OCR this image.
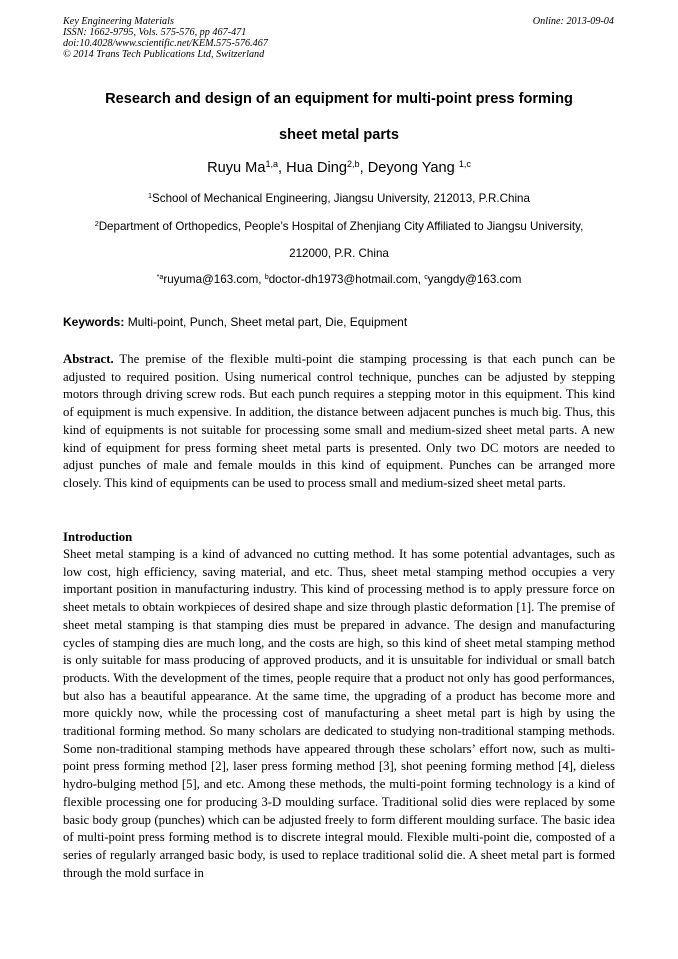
Key Engineering Materials
ISSN: 1662-9795, Vols. 575-576, pp 467-471
doi:10.4028/www.scientific.net/KEM.575-576.467
© 2014 Trans Tech Publications Ltd, Switzerland
Online: 2013-09-04
Research and design of an equipment for multi-point press forming
sheet metal parts
Ruyu Ma$^{1,a}$, Hua Ding$^{2,b}$, Deyong Yang $^{1,c}$
$^1$School of Mechanical Engineering, Jiangsu University, 212013, P.R.China
$^2$Department of Orthopedics, People’s Hospital of Zhenjiang City Affiliated to Jiangsu University,
212000, P.R. China
$^{*a}$ruyuma@163.com, $^b$doctor-dh1973@hotmail.com, $^c$yangdy@163.com
Keywords: Multi-point, Punch, Sheet metal part, Die, Equipment
Abstract. The premise of the flexible multi-point die stamping processing is that each punch can be adjusted to required position. Using numerical control technique, punches can be adjusted by stepping motors through driving screw rods. But each punch requires a stepping motor in this equipment. This kind of equipment is much expensive. In addition, the distance between adjacent punches is much big. Thus, this kind of equipments is not suitable for processing some small and medium-sized sheet metal parts. A new kind of equipment for press forming sheet metal parts is presented. Only two DC motors are needed to adjust punches of male and female moulds in this kind of equipment. Punches can be arranged more closely. This kind of equipments can be used to process small and medium-sized sheet metal parts.
Introduction
Sheet metal stamping is a kind of advanced no cutting method. It has some potential advantages, such as low cost, high efficiency, saving material, and etc. Thus, sheet metal stamping method occupies a very important position in manufacturing industry. This kind of processing method is to apply pressure force on sheet metals to obtain workpieces of desired shape and size through plastic deformation [1]. The premise of sheet metal stamping is that stamping dies must be prepared in advance. The design and manufacturing cycles of stamping dies are much long, and the costs are high, so this kind of sheet metal stamping method is only suitable for mass producing of approved products, and it is unsuitable for individual or small batch products. With the development of the times, people require that a product not only has good performances, but also has a beautiful appearance. At the same time, the upgrading of a product has become more and more quickly now, while the processing cost of manufacturing a sheet metal part is high by using the traditional forming method. So many scholars are dedicated to studying non-traditional stamping methods. Some non-traditional stamping methods have appeared through these scholars’ effort now, such as multi-point press forming method [2], laser press forming method [3], shot peening forming method [4], dieless hydro-bulging method [5], and etc. Among these methods, the multi-point forming technology is a kind of flexible processing one for producing 3-D moulding surface. Traditional solid dies were replaced by some basic body group (punches) which can be adjusted freely to form different moulding surface. The basic idea of multi-point press forming method is to discrete integral mould. Flexible multi-point die, composted of a series of regularly arranged basic body, is used to replace traditional solid die. A sheet metal part is formed through the mold surface in
